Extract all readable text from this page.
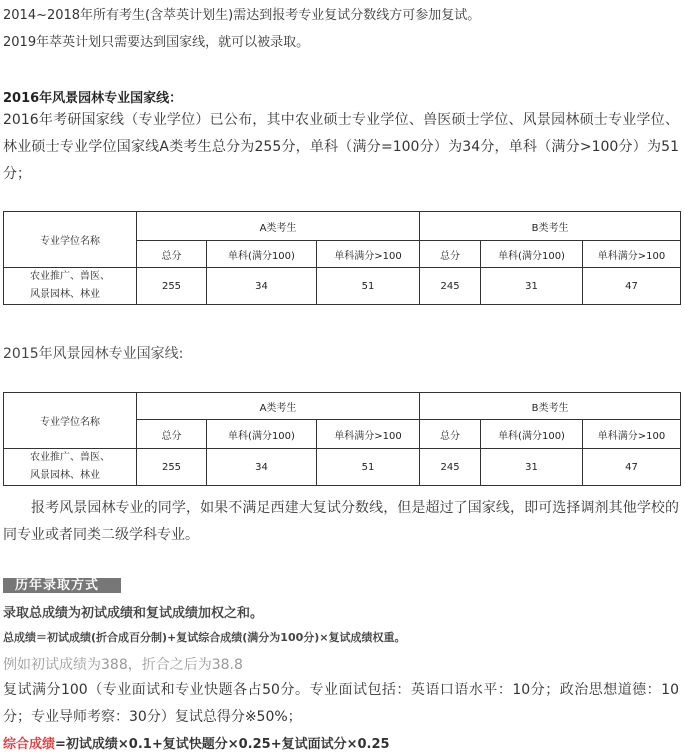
2014~2018年所有考生(含萃英计划生)需达到报考专业复试分数线方可参加复试。
2019年萃英计划只需要达到国家线，就可以被录取。
2016年风景园林专业国家线：
2016年考研国家线（专业学位）已公布，其中农业硕士专业学位、兽医硕士学位、风景园林硕士专业学位、林业硕士专业学位国家线A类考生总分为255分，单科（满分=100分）为34分，单科（满分>100分）为51分；
专业学位名称	A类考生			B类考生		
	总分	单科(满分100)	单科满分>100	总分	单科(满分100)	单科满分>100

农业推广、兽医、
风景园林、林业	255	34	51	245	31	47
2015年风景园林专业国家线:
专业学位名称	A类考生			B类考生		
	总分	单科(满分100)	单科满分>100	总分	单科(满分100)	单科满分>100

农业推广、兽医、
风景园林、林业	255	34	51	245	31	47
报考风景园林专业的同学，如果不满足西建大复试分数线，但是超过了国家线，即可选择调剂其他学校的同专业或者同类二级学科专业。
历年录取方式
录取总成绩为初试成绩和复试成绩加权之和。
总成绩＝初试成绩(折合成百分制)+复试综合成绩(满分为100分)×复试成绩权重。
例如初试成绩为388，折合之后为38.8
复试满分100（专业面试和专业快题各占50分。专业面试包括：英语口语水平：10分；政治思想道德：10分；专业导师考察：30分）复试总得分※50%；
综合成绩=初试成绩×0.1+复试快题分×0.25+复试面试分×0.25
